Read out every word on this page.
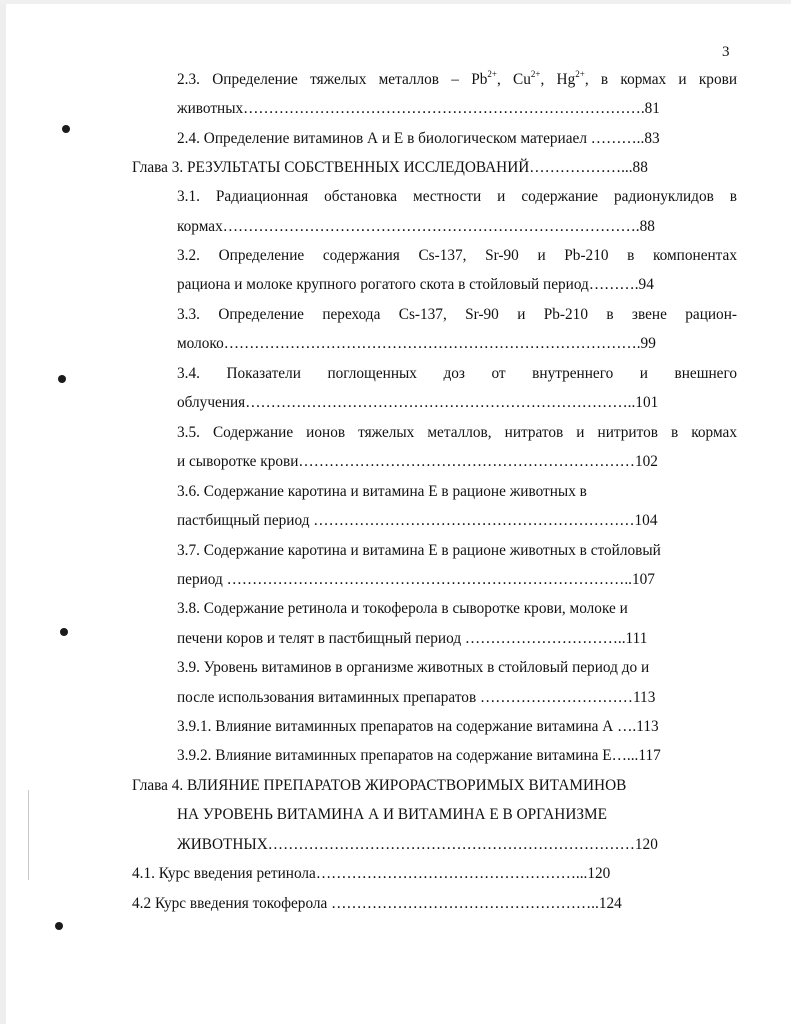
3
2.3. Определение тяжелых металлов – $Pb^{2+}$, $Cu^{2+}$, $Hg^{2+}$, в кормах и крови
животных…………………………………………………………………….81
2.4. Определение витаминов А и Е в биологическом материаел ………..83
Глава 3. РЕЗУЛЬТАТЫ СОБСТВЕННЫХ ИССЛЕДОВАНИЙ………………...88
3.1. Радиационная обстановка местности и содержание радионуклидов в
кормах……………………………………………………………………….88
3.2. Определение содержания Cs-137, Sr-90 и Pb-210 в компонентах
рациона и молоке крупного рогатого скота в стойловый период……….94
3.3. Определение перехода Cs-137, Sr-90 и Pb-210 в звене рацион-
молоко……………………………………………………………………….99
3.4. Показатели поглощенных доз от внутреннего и внешнего
облучения…………………………………………………………………..101
3.5. Содержание ионов тяжелых металлов, нитратов и нитритов в кормах
и сыворотке крови…………………………………………………………102
3.6. Содержание каротина и витамина Е в рационе животных в
пастбищный период ………………………………………………………104
3.7. Содержание каротина и витамина Е в рационе животных в стойловый
период ……………………………………………………………………..107
3.8. Содержание ретинола и токоферола в сыворотке крови, молоке и
печени коров и телят в пастбищный период …………………………..111
3.9. Уровень витаминов в организме животных в стойловый период до и
после использования витаминных препаратов …………………………113
3.9.1. Влияние витаминных препаратов на содержание витамина А ….113
3.9.2. Влияние витаминных препаратов на содержание витамина Е…...117
Глава 4. ВЛИЯНИЕ ПРЕПАРАТОВ ЖИРОРАСТВОРИМЫХ ВИТАМИНОВ
НА УРОВЕНЬ ВИТАМИНА А И ВИТАМИНА Е В ОРГАНИЗМЕ
ЖИВОТНЫХ………………………………………………………………120
4.1. Курс введения ретинола……………………………………………...120
4.2 Курс введения токоферола ……………………………………………..124
